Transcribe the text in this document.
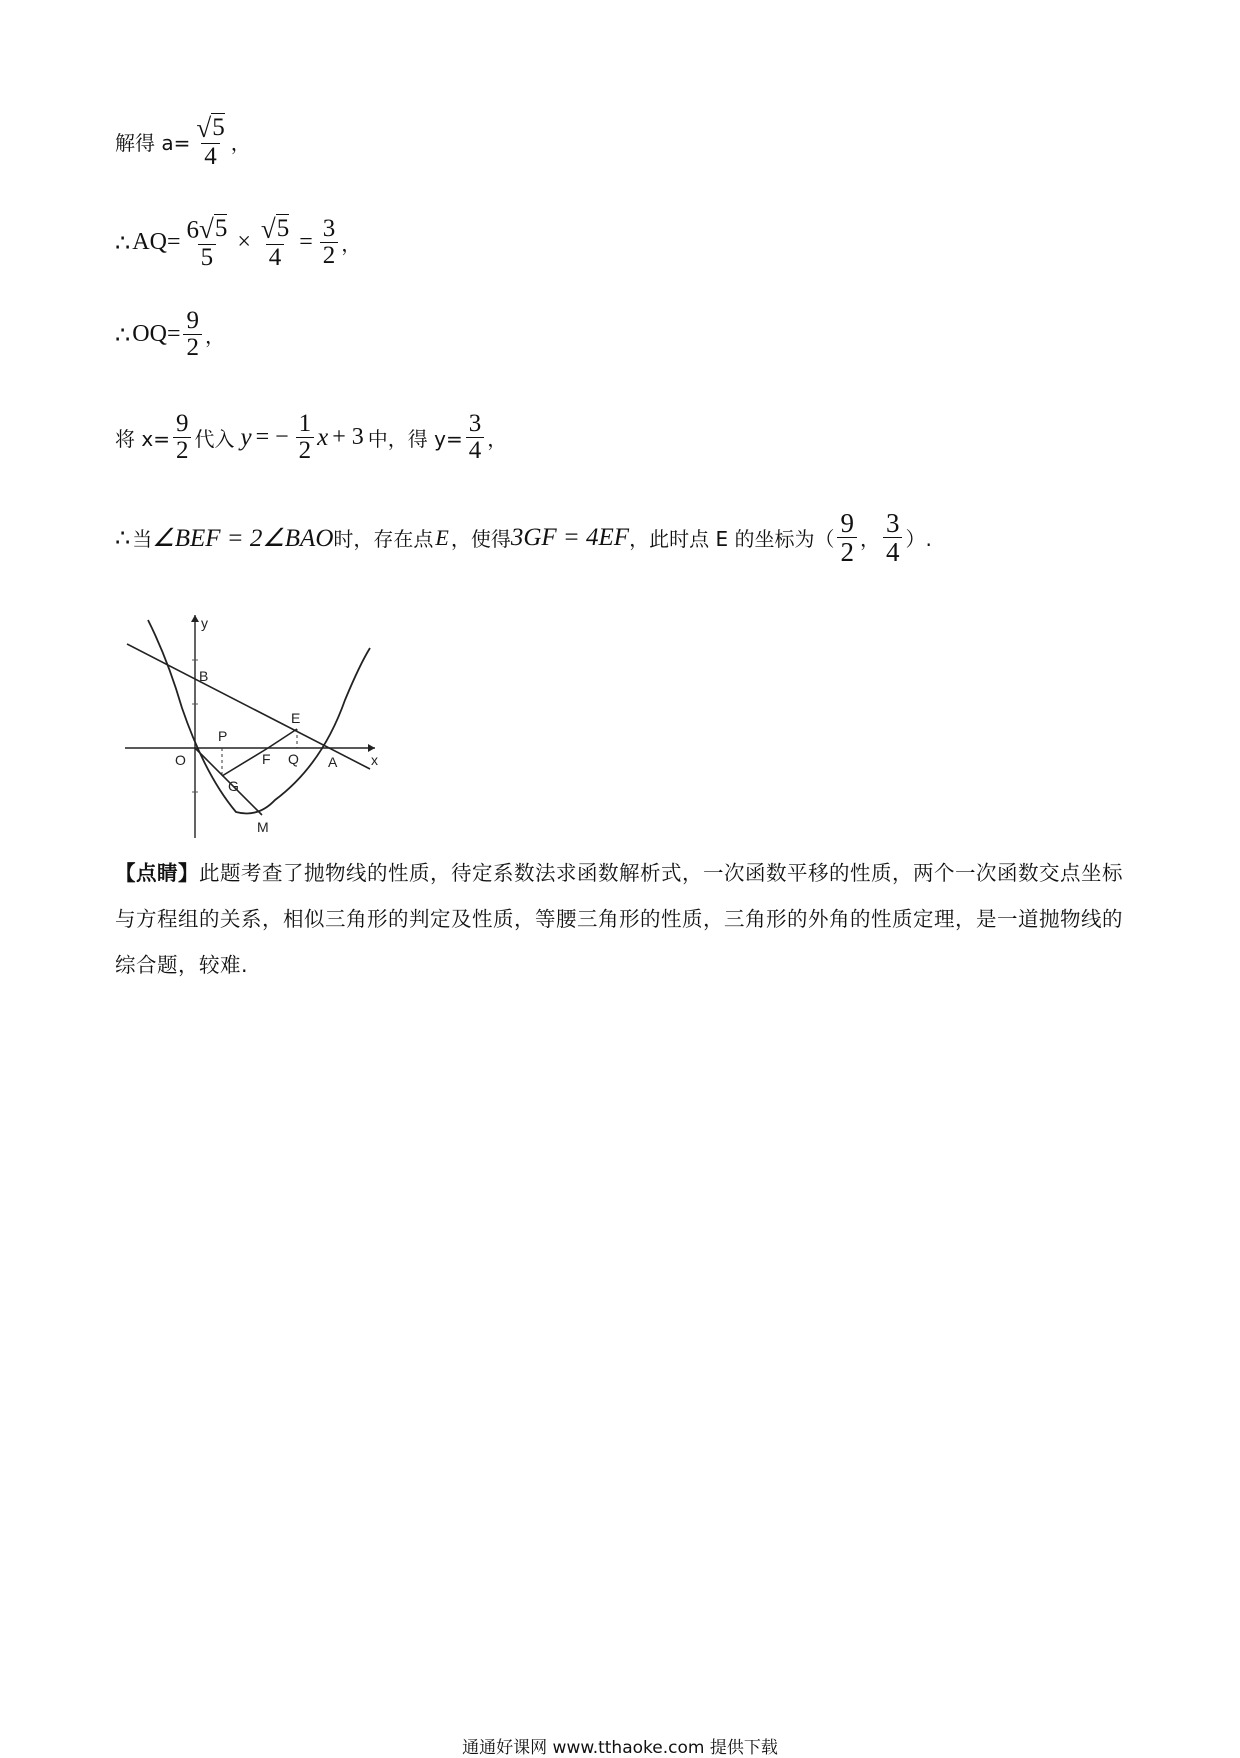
解得 $a= \frac{√ 5}{4}$ ，
∴ $AQ= \frac{6 √ 5}{5} \times \frac{√ 5}{4} = \frac{3}{2}$ ，
∴ $OQ= \frac{9}{2}$ ，
将 $x= \frac{9}{2}$ 代入 y = − $\frac{1}{2}$ x + 3 中，得 $y= \frac{3}{4}$ ，
∴ 当 ∠BEF = 2∠BAO 时，存在点 E ，使得 3GF = 4EF ，此时点 E 的坐标为（ $\frac{9}{2}$ ， $\frac{3}{4}$ ）.
y
x
B
E
P
O	F Q A
G
M
【点睛】此题考查了抛物线的性质，待定系数法求函数解析式，一次函数平移的性质，两个一次函数交点坐标与方程组的关系，相似三角形的判定及性质，等腰三角形的性质，三角形的外角的性质定理，是一道抛物线的综合题，较难.
通通好课网 www.tthaoke.com 提供下载
